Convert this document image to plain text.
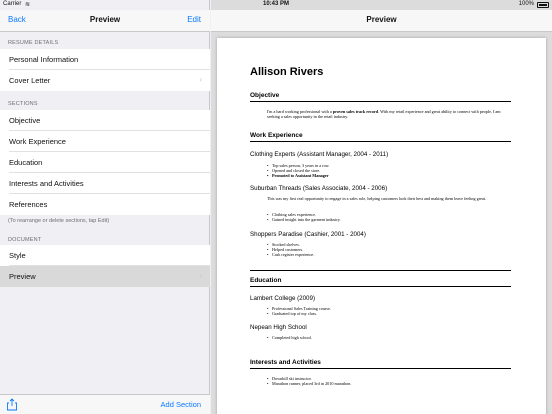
Back	Preview	Edit
RESUME DETAILS
Personal Information
Cover Letter	›
SECTIONS
Objective
Work Experience
Education
Interests and Activities
References
(To rearrange or delete sections, tap Edit)
DOCUMENT
Style
Preview	›
Add Section
Preview
Allison Rivers
Objective
I'm a hard working professional with a proven sales track record. With my retail experience and great ability to connect with people, I am seeking a sales opportunity in the retail industry.
Work Experience
Clothing Experts (Assistant Manager, 2004 - 2011)
• Top sales person, 3 years in a row.
• Opened and closed the store.
• Promoted to Assistant Manager
Suburban Threads (Sales Associate, 2004 - 2006)
This was my first real opportunity to engage in a sales role, helping customers look their best and making them leave feeling great.
• Clothing sales experience.
• Gained insight into the garment industry.
Shoppers Paradise (Cashier, 2001 - 2004)
• Stocked shelves.
• Helped customers.
• Cash register experience.
Education
Lambert College (2009)
• Professional Sales Training course.
• Graduated top of my class.
Nepean High School
• Completed high school.
Interests and Activities
• Downhill ski instructor.
• Marathon runner, placed 3rd in 2010 marathon.
Carrier ≋	10:43 PM	100%
